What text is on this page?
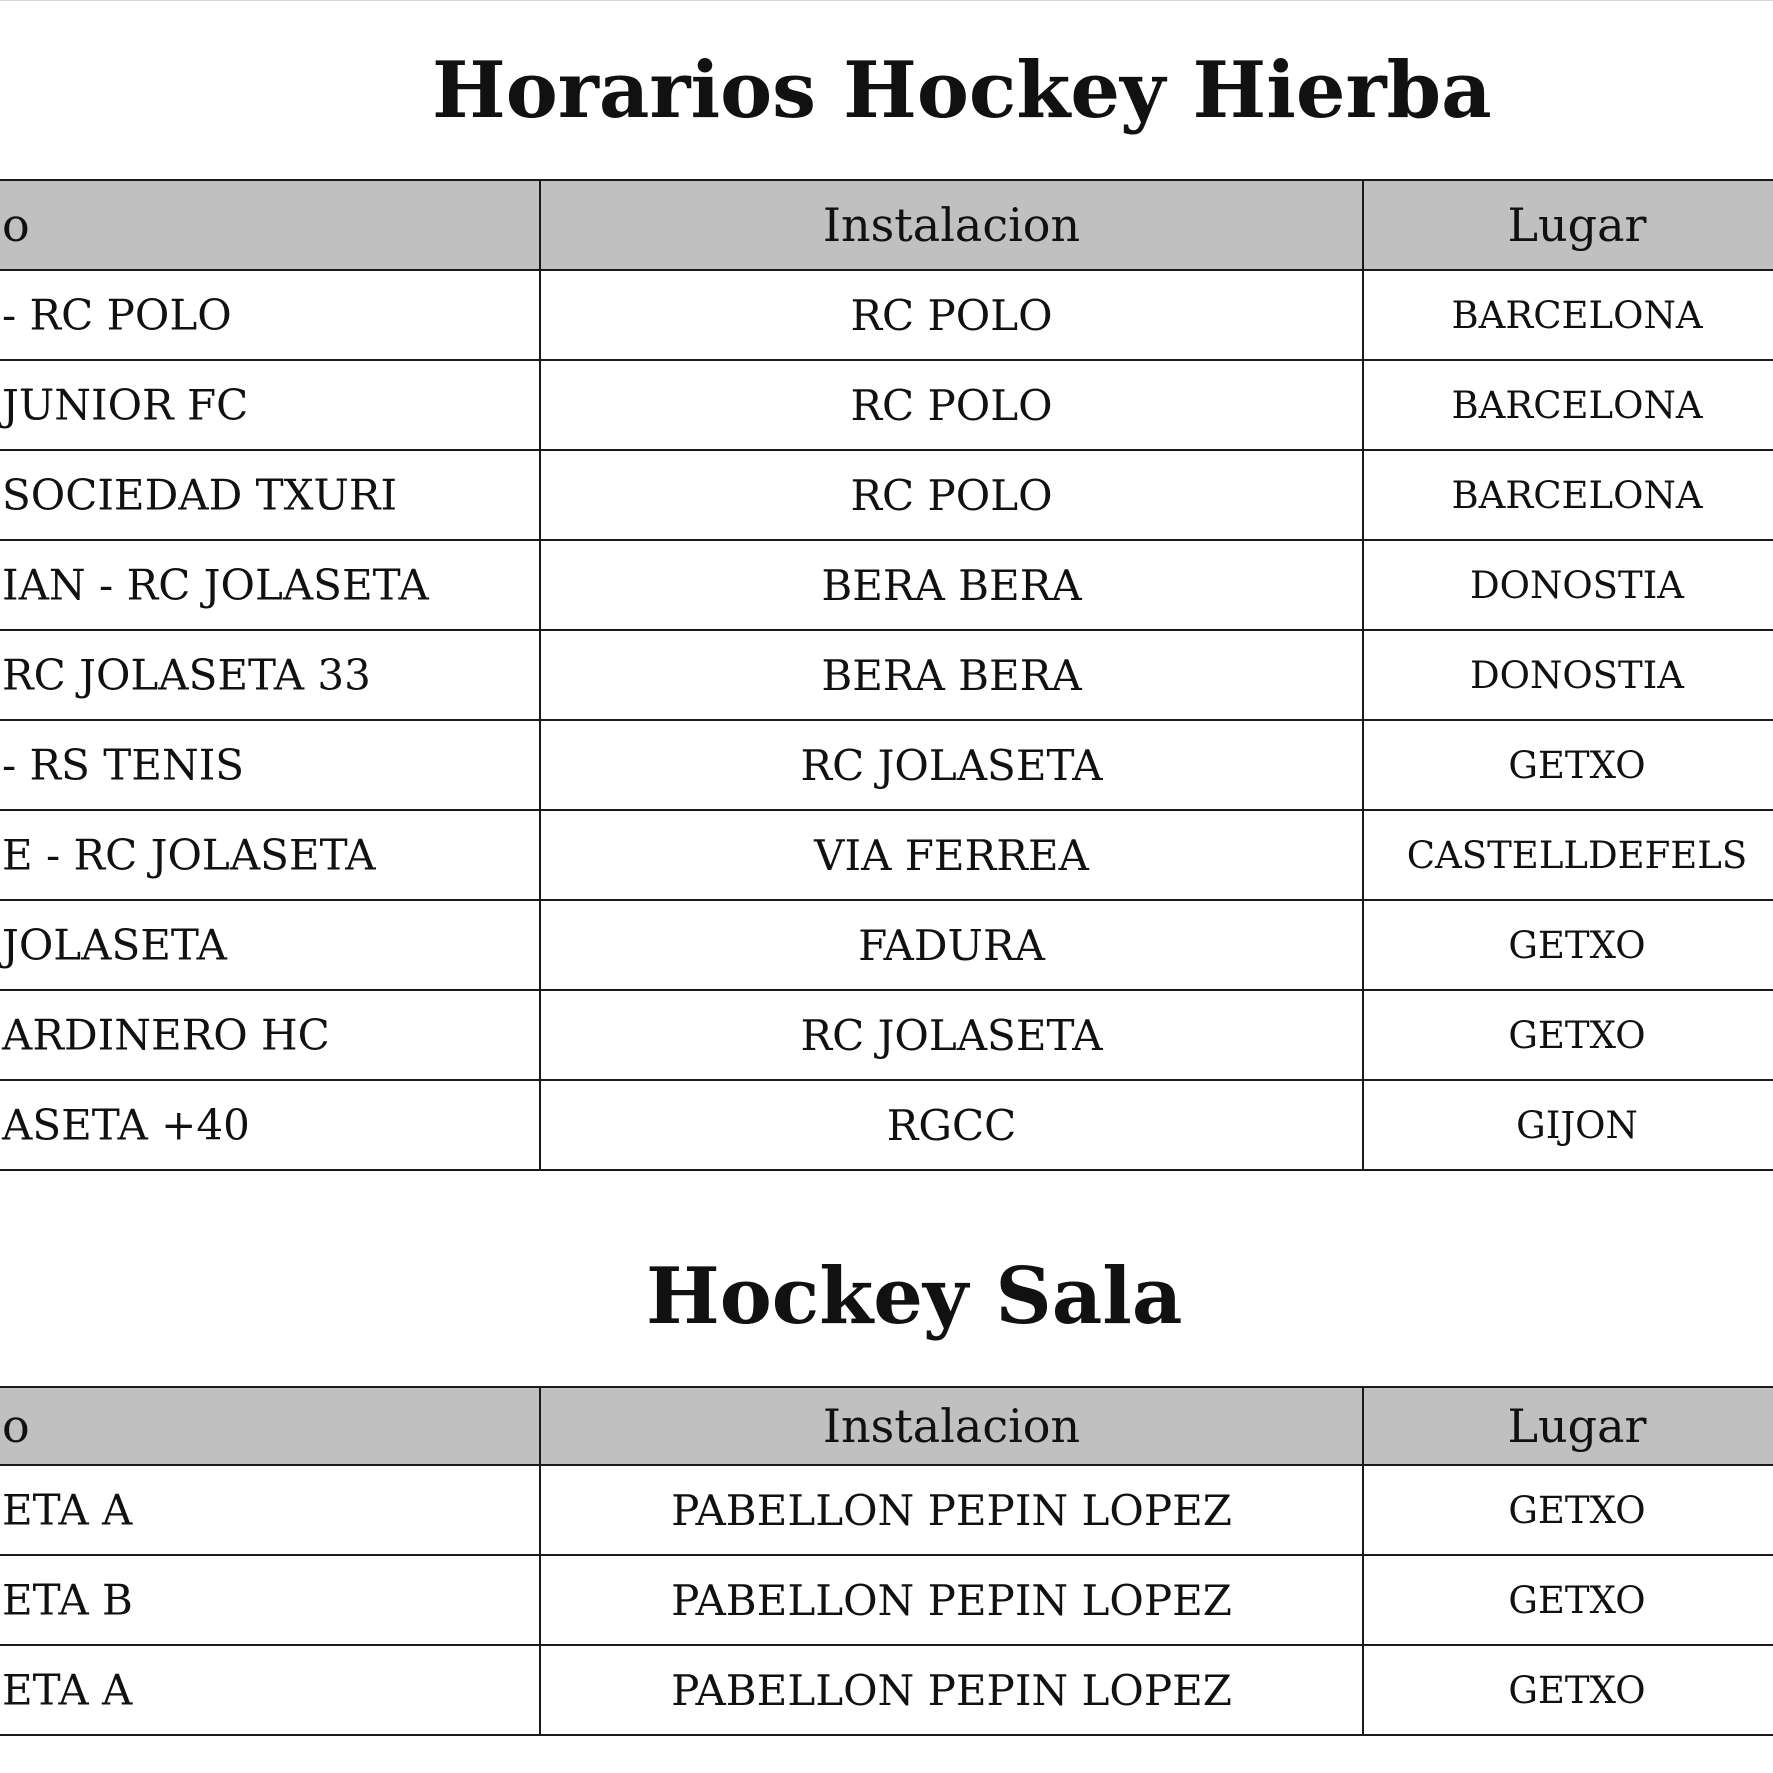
Horarios Hockey Hierba
o	Instalacion	Lugar

- RC POLO	RC POLO	BARCELONA

JUNIOR FC	RC POLO	BARCELONA

SOCIEDAD TXURI	RC POLO	BARCELONA

IAN - RC JOLASETA	BERA BERA	DONOSTIA

RC JOLASETA 33	BERA BERA	DONOSTIA

- RS TENIS	RC JOLASETA	GETXO

E - RC JOLASETA	VIA FERREA	CASTELLDEFELS

JOLASETA	FADURA	GETXO

ARDINERO HC	RC JOLASETA	GETXO

ASETA +40	RGCC	GIJON
Hockey Sala
o	Instalacion	Lugar

ETA A	PABELLON PEPIN LOPEZ	GETXO

ETA B	PABELLON PEPIN LOPEZ	GETXO

ETA A	PABELLON PEPIN LOPEZ	GETXO
